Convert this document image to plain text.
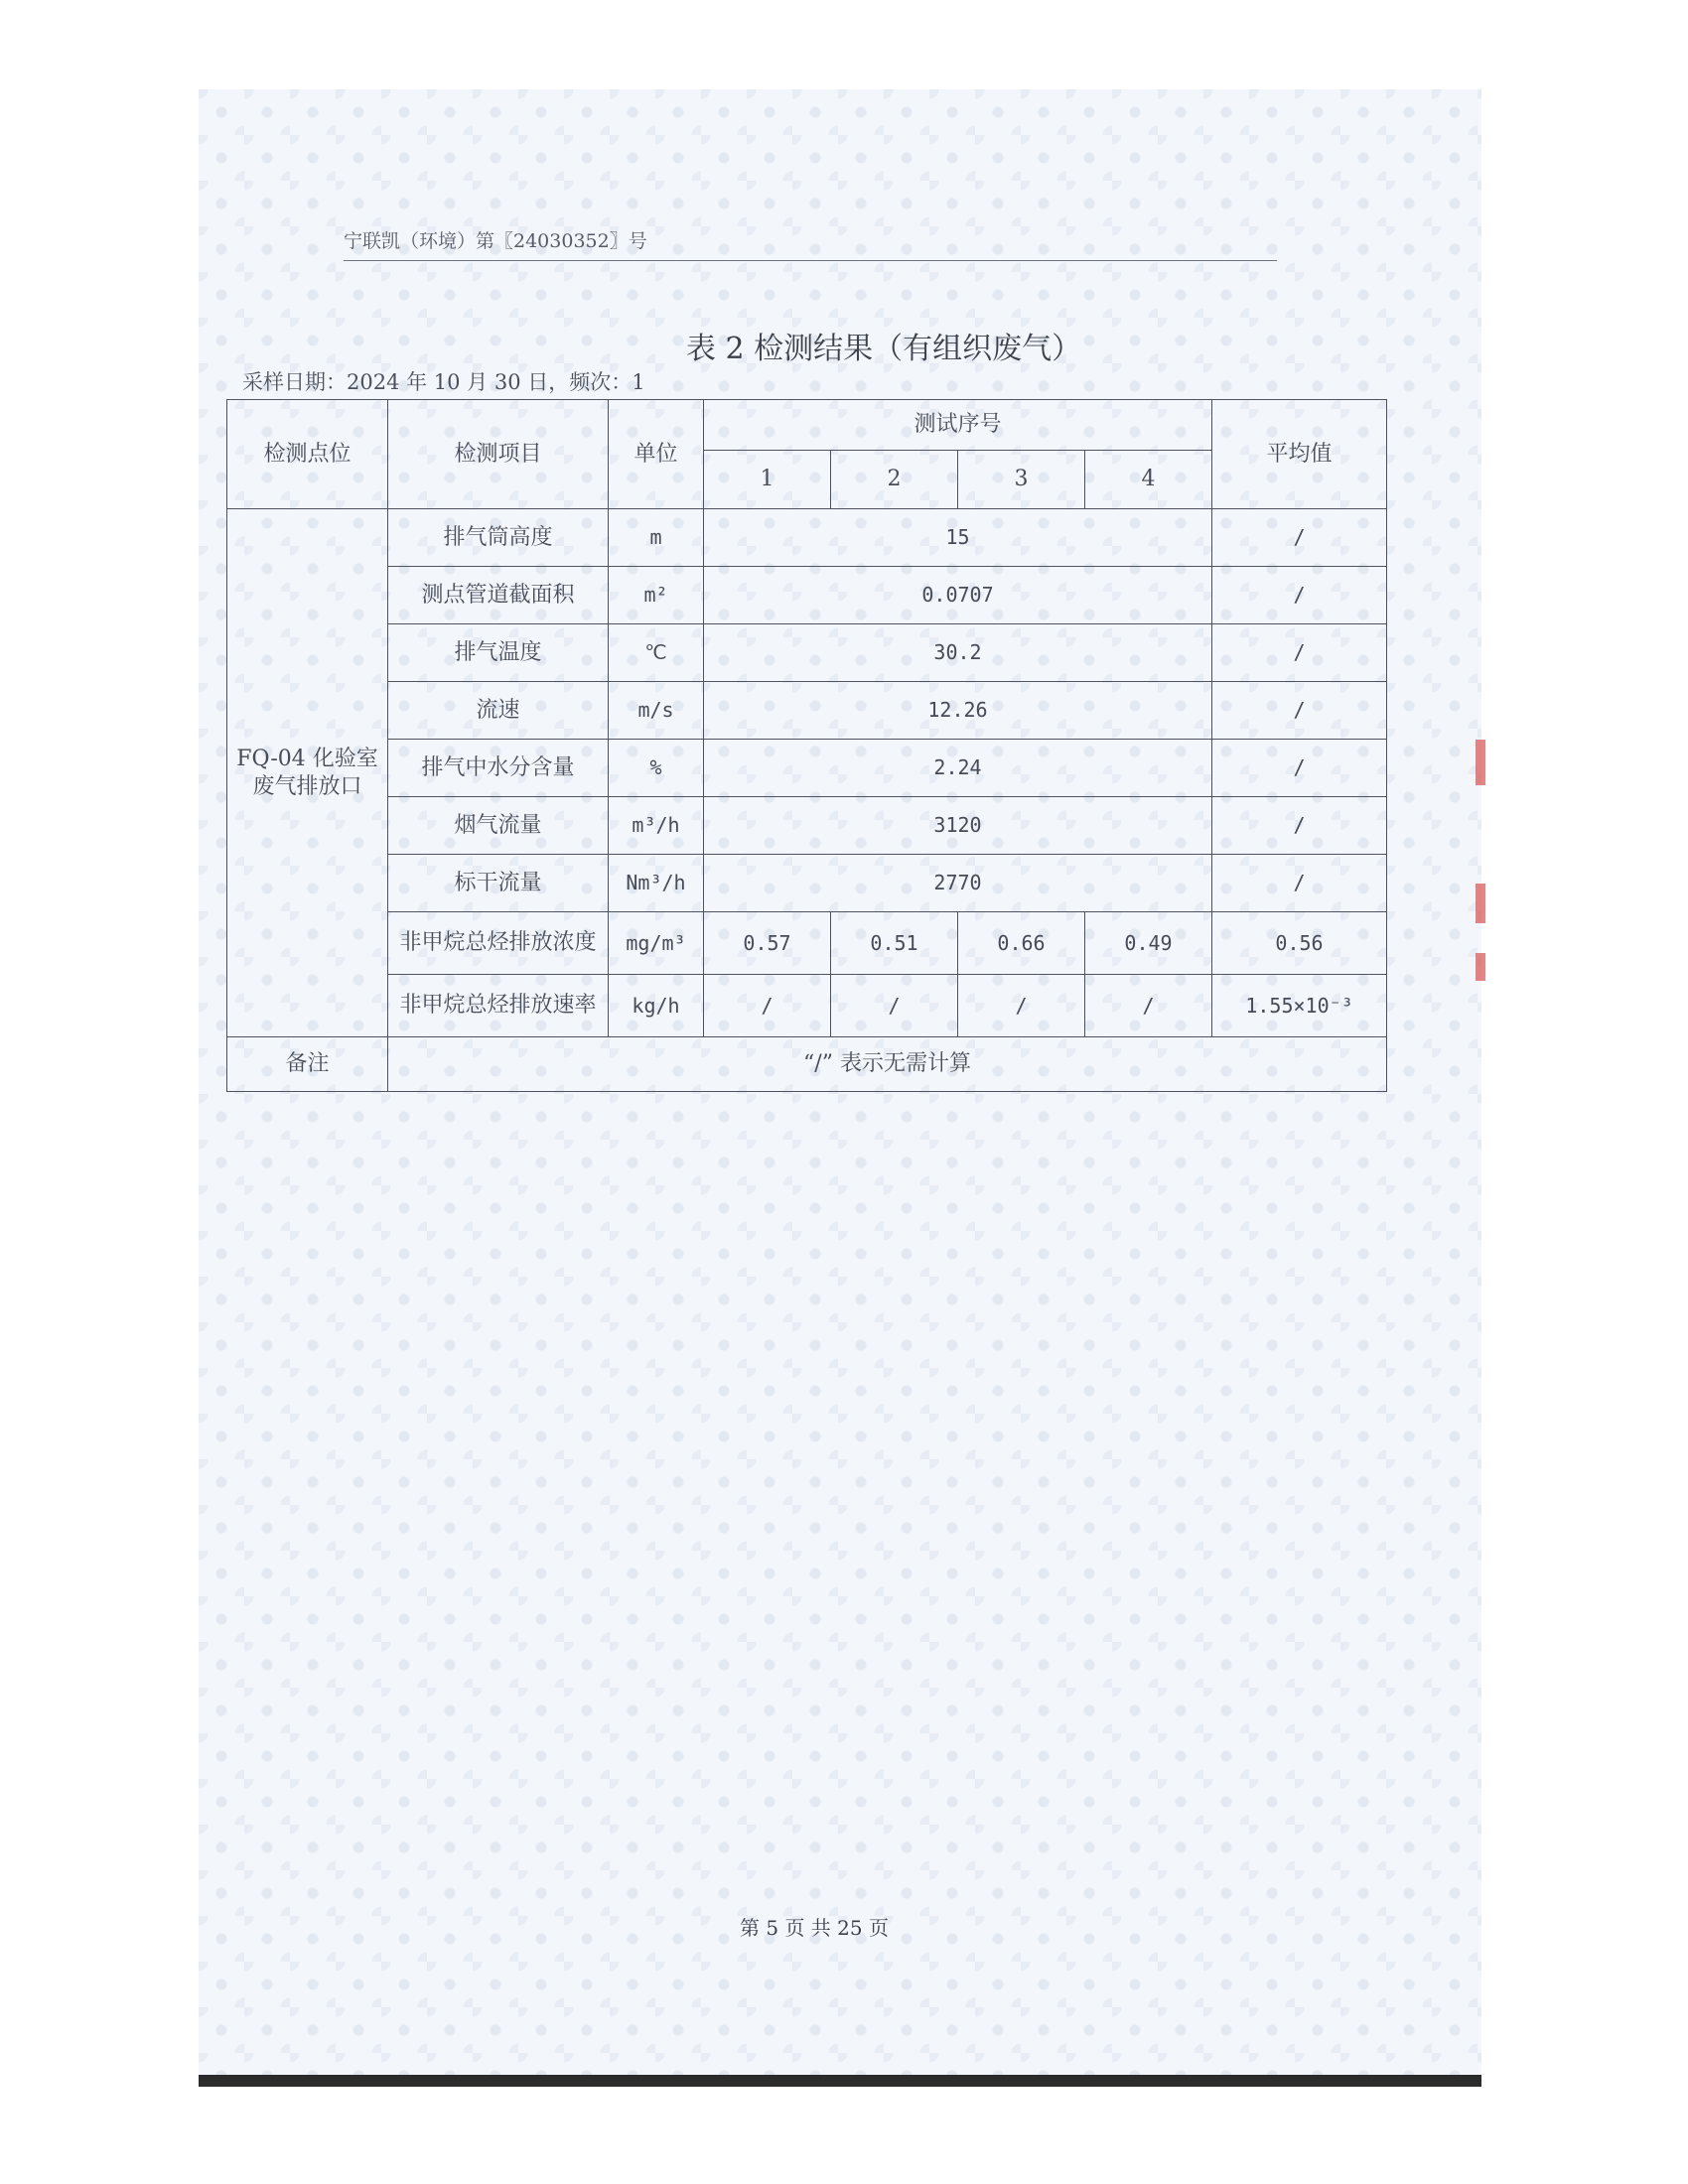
宁联凯（环境）第〖24030352〗号
表 2 检测结果（有组织废气）
采样日期：2024 年 10 月 30 日，频次：1
检测点位	检测项目	单位	测试序号				平均值
			1	2	3	4	
FQ-04 化验室废气排放口	排气筒高度	m	15				/
	测点管道截面积	m²	0.0707				/
	排气温度	℃	30.2				/
	流速	m/s	12.26				/
	排气中水分含量	%	2.24				/
	烟气流量	m³/h	3120				/
	标干流量	Nm³/h	2770				/
	非甲烷总烃排放浓度	mg/m³	0.57	0.51	0.66	0.49	0.56
	非甲烷总烃排放速率	kg/h	/	/	/	/	1.55×10⁻³
备注	“/” 表示无需计算						
第 5 页 共 25 页
